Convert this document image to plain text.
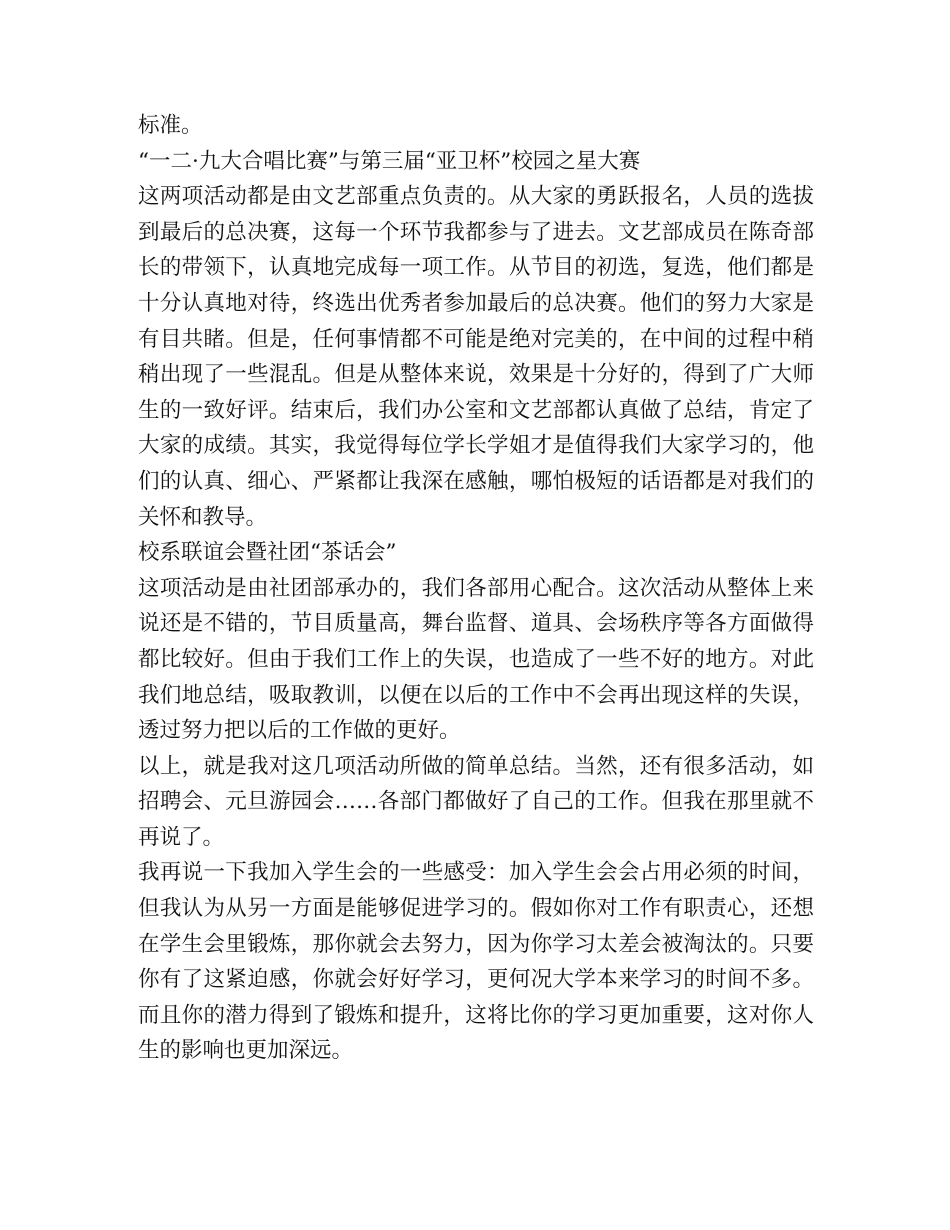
标准。
“一二·九大合唱比赛”与第三届“亚卫杯”校园之星大赛
这两项活动都是由文艺部重点负责的。从大家的勇跃报名，人员的选拔
到最后的总决赛，这每一个环节我都参与了进去。文艺部成员在陈奇部
长的带领下，认真地完成每一项工作。从节目的初选，复选，他们都是
十分认真地对待，终选出优秀者参加最后的总决赛。他们的努力大家是
有目共睹。但是，任何事情都不可能是绝对完美的，在中间的过程中稍
稍出现了一些混乱。但是从整体来说，效果是十分好的，得到了广大师
生的一致好评。结束后，我们办公室和文艺部都认真做了总结，肯定了
大家的成绩。其实，我觉得每位学长学姐才是值得我们大家学习的，他
们的认真、细心、严紧都让我深在感触，哪怕极短的话语都是对我们的
关怀和教导。
校系联谊会暨社团“茶话会”
这项活动是由社团部承办的，我们各部用心配合。这次活动从整体上来
说还是不错的，节目质量高，舞台监督、道具、会场秩序等各方面做得
都比较好。但由于我们工作上的失误，也造成了一些不好的地方。对此
我们地总结，吸取教训，以便在以后的工作中不会再出现这样的失误，
透过努力把以后的工作做的更好。
以上，就是我对这几项活动所做的简单总结。当然，还有很多活动，如
招聘会、元旦游园会……各部门都做好了自己的工作。但我在那里就不
再说了。
我再说一下我加入学生会的一些感受：加入学生会会占用必须的时间，
但我认为从另一方面是能够促进学习的。假如你对工作有职责心，还想
在学生会里锻炼，那你就会去努力，因为你学习太差会被淘汰的。只要
你有了这紧迫感，你就会好好学习，更何况大学本来学习的时间不多。
而且你的潜力得到了锻炼和提升，这将比你的学习更加重要，这对你人
生的影响也更加深远。
